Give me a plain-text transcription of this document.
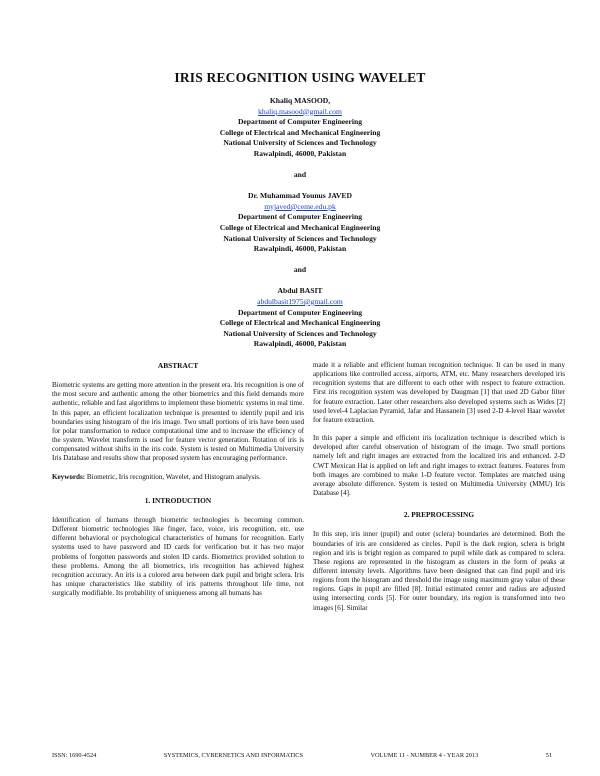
IRIS RECOGNITION USING WAVELET
Khaliq MASOOD,
khaliq.masood@gmail.com
Department of Computer Engineering
College of Electrical and Mechanical Engineering
National University of Sciences and Technology
Rawalpindi, 46000, Pakistan
and
Dr. Muhammad Younus JAVED
myjaved@ceme.edu.pk
Department of Computer Engineering
College of Electrical and Mechanical Engineering
National University of Sciences and Technology
Rawalpindi, 46000, Pakistan
and
Abdul BASIT
abdulbasit1975@gmail.com
Department of Computer Engineering
College of Electrical and Mechanical Engineering
National University of Sciences and Technology
Rawalpindi, 46000, Pakistan
ABSTRACT

Biometric systems are getting more attention in the present era. Iris recognition is one of the most secure and authentic among the other biometrics and this field demands more authentic, reliable and fast algorithms to implement these biometric systems in real time. In this paper, an efficient localization technique is presented to identify pupil and iris boundaries using histogram of the iris image. Two small portions of iris have been used for polar transformation to reduce computational time and to increase the efficiency of the system. Wavelet transform is used for feature vector generation. Rotation of iris is compensated without shifts in the iris code. System is tested on Multimedia University Iris Database and results show that proposed system has encouraging performance.

Keywords: Biometric, Iris recognition, Wavelet, and Histogram analysis.

1. INTRODUCTION

Identification of humans through biometric technologies is becoming common. Different biometric technologies like finger, face, voice, iris recognition, etc. use different behavioral or psychological characteristics of humans for recognition. Early systems used to have password and ID cards for verification but it has two major problems of forgotten passwords and stolen ID cards. Biometrics provided solution to these problems. Among the all biometrics, iris recognition has achieved highest recognition accuracy. An iris is a colored area between dark pupil and bright sclera. Iris has unique characteristics like stability of iris patterns throughout life time, not surgically modifiable. Its probability of uniqueness among all humans has

made it a reliable and efficient human recognition technique. It can be used in many applications like controlled access, airports, ATM, etc. Many researchers developed iris recognition systems that are different to each other with respect to feature extraction. First iris recognition system was developed by Daugman [1] that used 2D Gabor filter for feature extraction. Later other researchers also developed systems such as Wides [2] used level-4 Laplacian Pyramid, Jafar and Hassanein [3] used 2-D 4-level Haar wavelet for feature extraction.

In this paper a simple and efficient iris localization technique is described which is developed after careful observation of histogram of the image. Two small portions namely left and right images are extracted from the localized iris and enhanced. 2-D CWT Mexican Hat is applied on left and right images to extract features. Features from both images are combined to make 1-D feature vector. Templates are matched using average absolute difference. System is tested on Multimedia University (MMU) Iris Database [4].

2. PREPROCESSING

In this step, iris inner (pupil) and outer (sclera) boundaries are determined. Both the boundaries of iris are considered as circles. Pupil is the dark region, sclera is bright region and iris is bright region as compared to pupil while dark as compared to sclera. These regions are represented in the histogram as clusters in the form of peaks at different intensity levels. Algorithms have been designed that can find pupil and iris regions from the histogram and threshold the image using maximum gray value of these regions. Gaps in pupil are filled [8]. Initial estimated center and radius are adjusted using intersecting cords [5]. For outer boundary, iris region is transformed into two images [6]. Similar

ISSN: 1690-4524	SYSTEMICS, CYBERNETICS AND INFORMATICS	VOLUME 11 - NUMBER 4 - YEAR 2013	51
